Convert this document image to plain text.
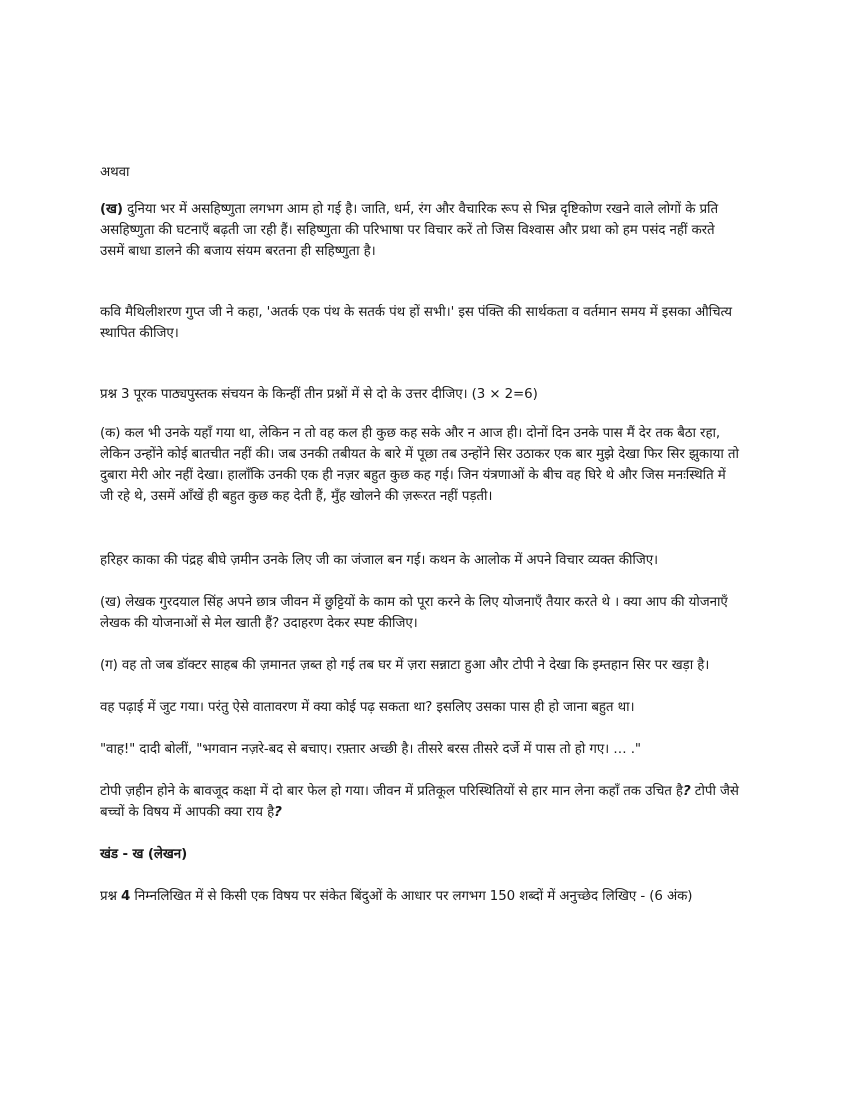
अथवा

(ख) दुनिया भर में असहिष्णुता लगभग आम हो गई है। जाति, धर्म, रंग और वैचारिक रूप से भिन्न दृष्टिकोण रखने वाले लोगों के प्रति असहिष्णुता की घटनाएँ बढ़ती जा रही हैं। सहिष्णुता की परिभाषा पर विचार करें तो जिस विश्वास और प्रथा को हम पसंद नहीं करते उसमें बाधा डालने की बजाय संयम बरतना ही सहिष्णुता है।

कवि मैथिलीशरण गुप्त जी ने कहा, 'अतर्क एक पंथ के सतर्क पंथ हों सभी।' इस पंक्ति की सार्थकता व वर्तमान समय में इसका औचित्य स्थापित कीजिए।

प्रश्न 3 पूरक पाठ्यपुस्तक संचयन के किन्हीं तीन प्रश्नों में से दो के उत्तर दीजिए। (3 × 2=6)

(क) कल भी उनके यहाँ गया था, लेकिन न तो वह कल ही कुछ कह सके और न आज ही। दोनों दिन उनके पास मैं देर तक बैठा रहा, लेकिन उन्होंने कोई बातचीत नहीं की। जब उनकी तबीयत के बारे में पूछा तब उन्होंने सिर उठाकर एक बार मुझे देखा फिर सिर झुकाया तो दुबारा मेरी ओर नहीं देखा। हालाँकि उनकी एक ही नज़र बहुत कुछ कह गई। जिन यंत्रणाओं के बीच वह घिरे थे और जिस मनःस्थिति में जी रहे थे, उसमें आँखें ही बहुत कुछ कह देती हैं, मुँह खोलने की ज़रूरत नहीं पड़ती।

हरिहर काका की पंद्रह बीघे ज़मीन उनके लिए जी का जंजाल बन गई। कथन के आलोक में अपने विचार व्यक्त कीजिए।

(ख) लेखक गुरदयाल सिंह अपने छात्र जीवन में छुट्टियों के काम को पूरा करने के लिए योजनाएँ तैयार करते थे । क्या आप की योजनाएँ लेखक की योजनाओं से मेल खाती हैं? उदाहरण देकर स्पष्ट कीजिए।

(ग) वह तो जब डॉक्टर साहब की ज़मानत ज़ब्त हो गई तब घर में ज़रा सन्नाटा हुआ और टोपी ने देखा कि इम्तहान सिर पर खड़ा है।

वह पढ़ाई में जुट गया। परंतु ऐसे वातावरण में क्या कोई पढ़ सकता था? इसलिए उसका पास ही हो जाना बहुत था।

"वाह!" दादी बोलीं, "भगवान नज़रे-बद से बचाए। रफ़्तार अच्छी है। तीसरे बरस तीसरे दर्जे में पास तो हो गए। … ."

टोपी ज़हीन होने के बावजूद कक्षा में दो बार फेल हो गया। जीवन में प्रतिकूल परिस्थितियों से हार मान लेना कहाँ तक उचित है? टोपी जैसे बच्चों के विषय में आपकी क्या राय है?

खंड - ख (लेखन)

प्रश्न 4 निम्नलिखित में से किसी एक विषय पर संकेत बिंदुओं के आधार पर लगभग 150 शब्दों में अनुच्छेद लिखिए - (6 अंक)
